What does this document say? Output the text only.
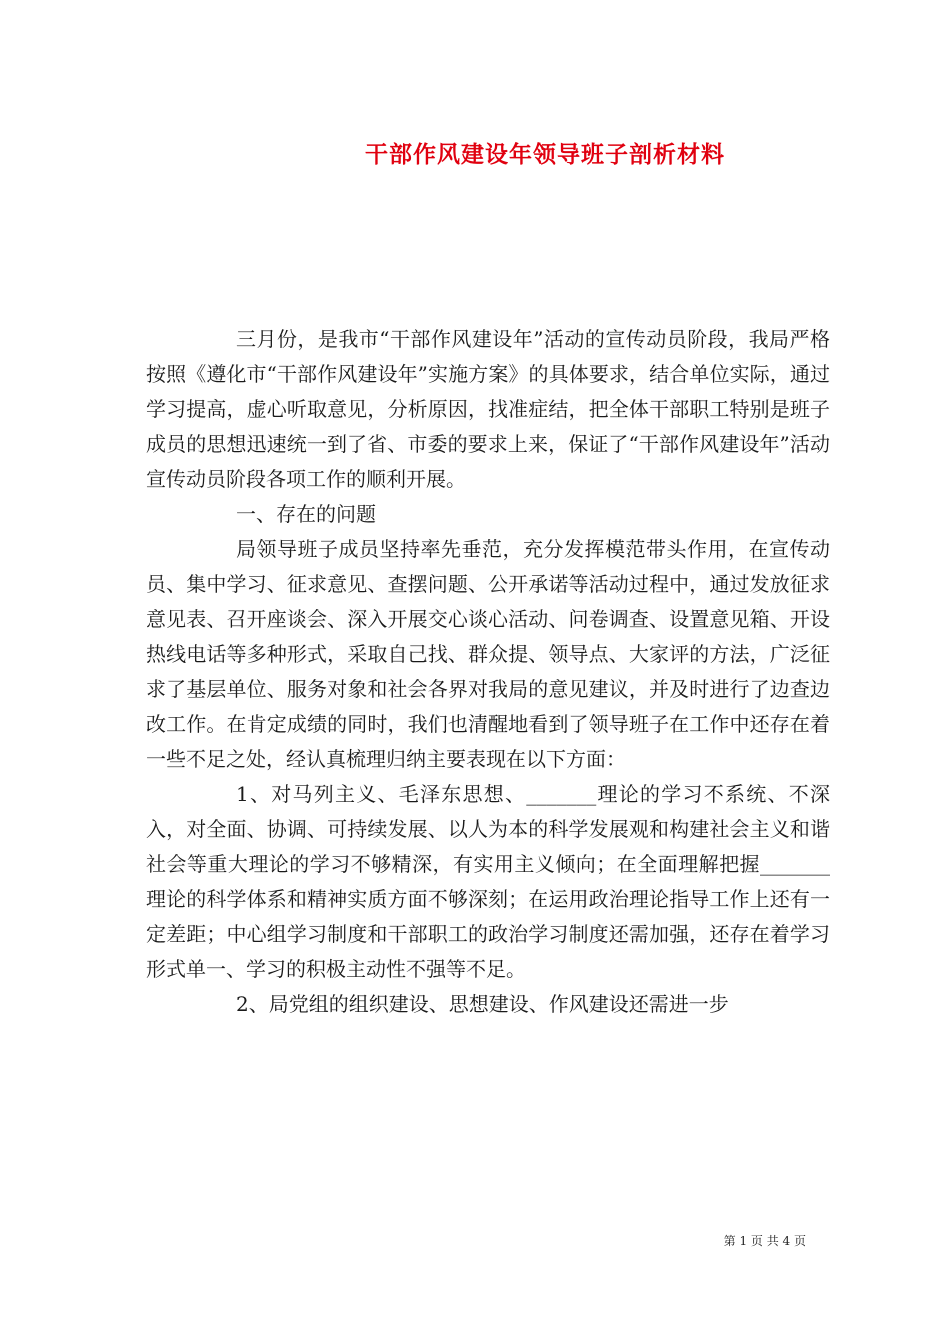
干部作风建设年领导班子剖析材料

三月份，是我市“干部作风建设年”活动的宣传动员阶段，我局严格按照《遵化市“干部作风建设年”实施方案》的具体要求，结合单位实际，通过学习提高，虚心听取意见，分析原因，找准症结，把全体干部职工特别是班子成员的思想迅速统一到了省、市委的要求上来，保证了“干部作风建设年”活动宣传动员阶段各项工作的顺利开展。

一、存在的问题

局领导班子成员坚持率先垂范，充分发挥模范带头作用，在宣传动员、集中学习、征求意见、查摆问题、公开承诺等活动过程中，通过发放征求意见表、召开座谈会、深入开展交心谈心活动、问卷调查、设置意见箱、开设热线电话等多种形式，采取自己找、群众提、领导点、大家评的方法，广泛征求了基层单位、服务对象和社会各界对我局的意见建议，并及时进行了边查边改工作。在肯定成绩的同时，我们也清醒地看到了领导班子在工作中还存在着一些不足之处，经认真梳理归纳主要表现在以下方面：

1、对马列主义、毛泽东思想、_______理论的学习不系统、不深入，对全面、协调、可持续发展、以人为本的科学发展观和构建社会主义和谐社会等重大理论的学习不够精深，有实用主义倾向；在全面理解把握_______理论的科学体系和精神实质方面不够深刻；在运用政治理论指导工作上还有一定差距；中心组学习制度和干部职工的政治学习制度还需加强，还存在着学习形式单一、学习的积极主动性不强等不足。

2、局党组的组织建设、思想建设、作风建设还需进一步

第 1 页 共 4 页
